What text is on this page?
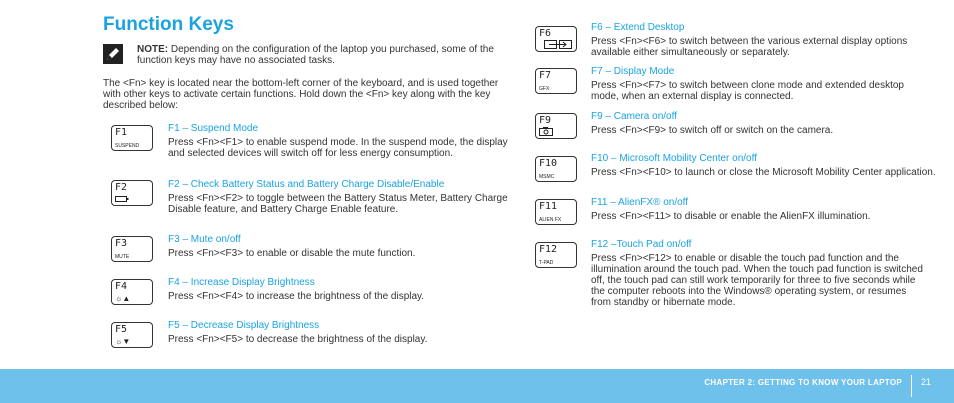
Function Keys
NOTE: Depending on the configuration of the laptop you purchased, some of the function keys may have no associated tasks.
The <Fn> key is located near the bottom-left corner of the keyboard, and is used together with other keys to activate certain functions. Hold down the <Fn> key along with the key described below:
F1
SUSPEND
F1 – Suspend Mode
Press <Fn><F1> to enable suspend mode. In the suspend mode, the display and selected devices will switch off for less energy consumption.
F2	F2 – Check Battery Status and Battery Charge Disable/Enable
Press <Fn><F2> to toggle between the Battery Status Meter, Battery Charge Disable feature, and Battery Charge Enable feature.
F3
MUTE
F3 – Mute on/off
Press <Fn><F3> to enable or disable the mute function.
F4
☼▲
F4 – Increase Display Brightness
Press <Fn><F4> to increase the brightness of the display.
F5
☼▼
F5 – Decrease Display Brightness
Press <Fn><F5> to decrease the brightness of the display.
F6
F6 – Extend Desktop
Press <Fn><F6> to switch between the various external display options available either simultaneously or separately.
F7
GFX
F7 – Display Mode
Press <Fn><F7> to switch between clone mode and extended desktop mode, when an external display is connected.
F9	F9 – Camera on/off
Press <Fn><F9> to switch off or switch on the camera.
F10
MSMC
F10 – Microsoft Mobility Center on/off
Press <Fn><F10> to launch or close the Microsoft Mobility Center application.
F11
ALIEN FX
F11 – AlienFX® on/off
Press <Fn><F11> to disable or enable the AlienFX illumination.
F12
T-PAD
F12 –Touch Pad on/off
Press <Fn><F12> to enable or disable the touch pad function and the illumination around the touch pad. When the touch pad function is switched off, the touch pad can still work temporarily for three to five seconds while the computer reboots into the Windows® operating system, or resumes from standby or hibernate mode.
CHAPTER 2: GETTING TO KNOW YOUR LAPTOP 21
